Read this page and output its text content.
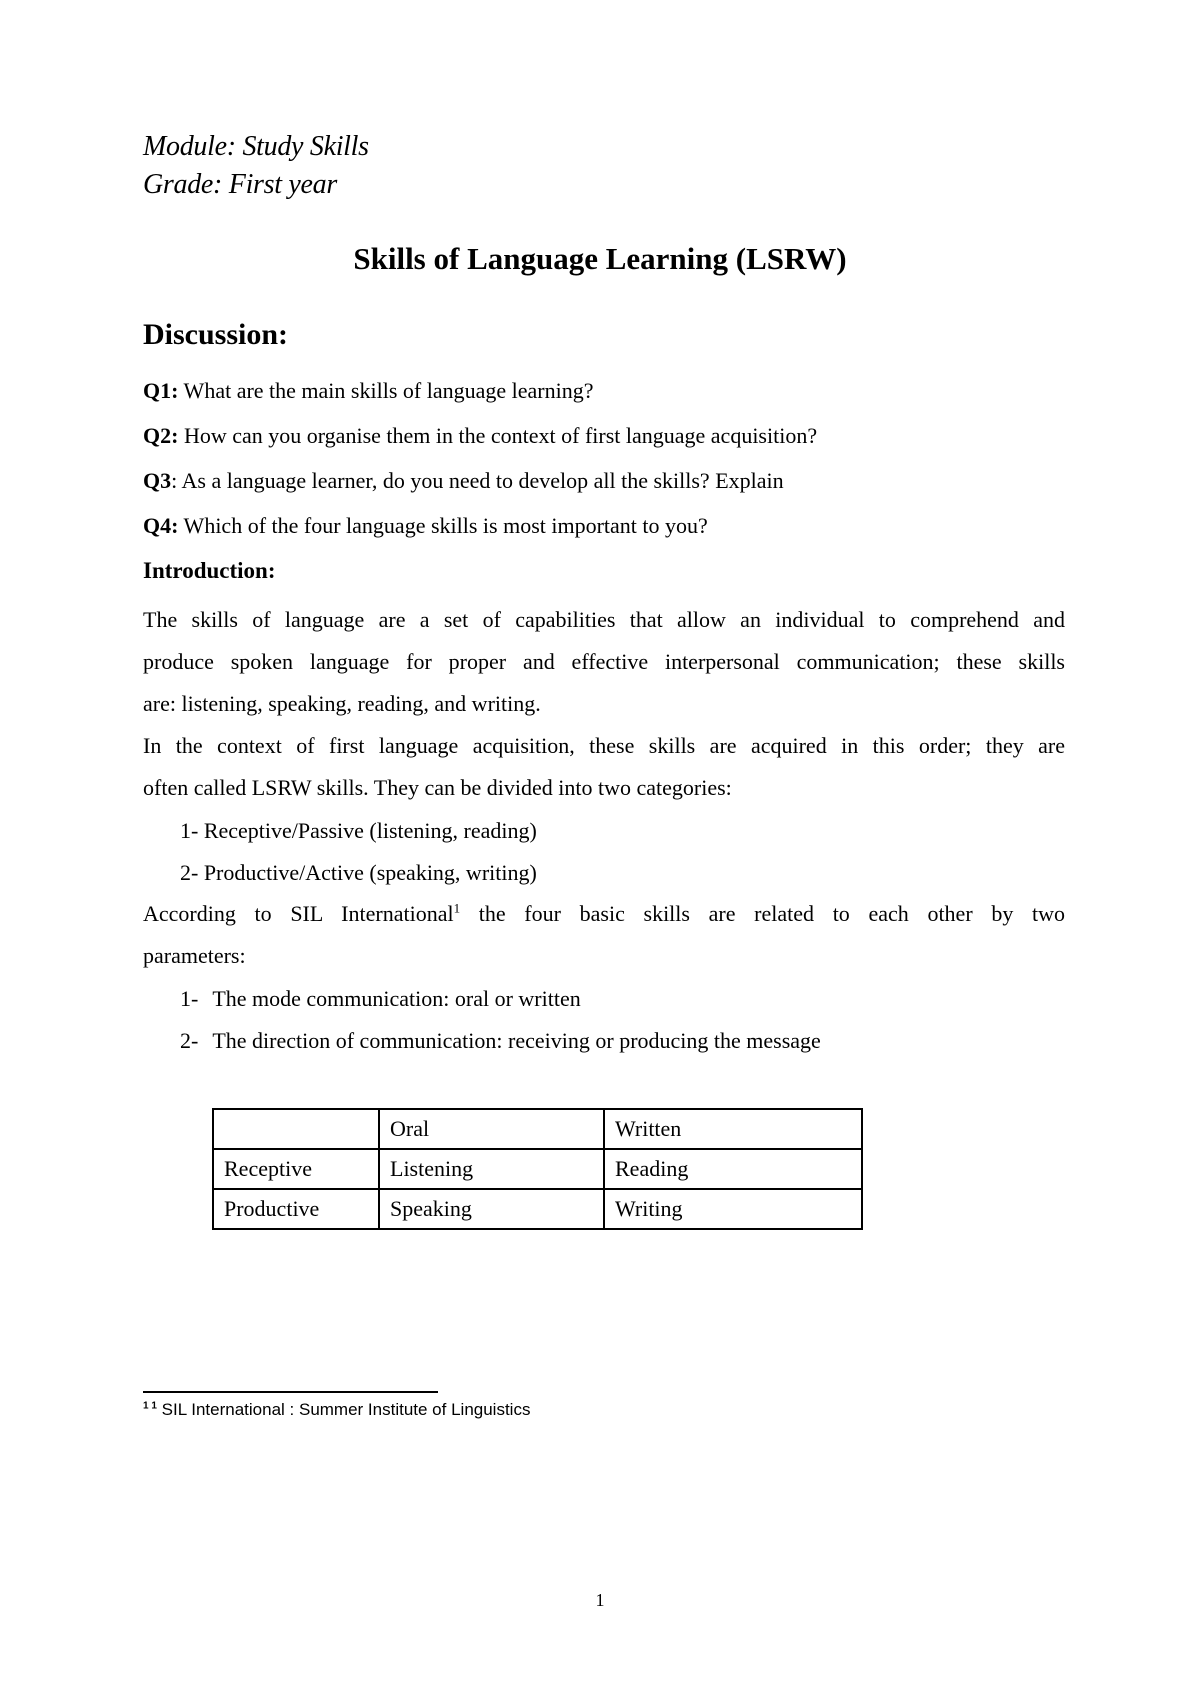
Module: Study Skills
Grade: First year
Skills of Language Learning (LSRW)
Discussion:
Q1: What are the main skills of language learning?
Q2: How can you organise them in the context of first language acquisition?
Q3: As a language learner, do you need to develop all the skills? Explain
Q4: Which of the four language skills is most important to you?
Introduction:
The skills of language are a set of capabilities that allow an individual to comprehend and
produce spoken language for proper and effective interpersonal communication; these skills
are: listening, speaking, reading, and writing.
In the context of first language acquisition, these skills are acquired in this order; they are
often called LSRW skills. They can be divided into two categories:
1- Receptive/Passive (listening, reading)
2- Productive/Active (speaking, writing)
According to SIL International$^1$ the four basic skills are related to each other by two
parameters:
1- The mode communication: oral or written
2- The direction of communication: receiving or producing the message
	Oral	Written
Receptive	Listening	Reading
Productive	Speaking	Writing
$^{1 1}$ SIL International : Summer Institute of Linguistics
1
